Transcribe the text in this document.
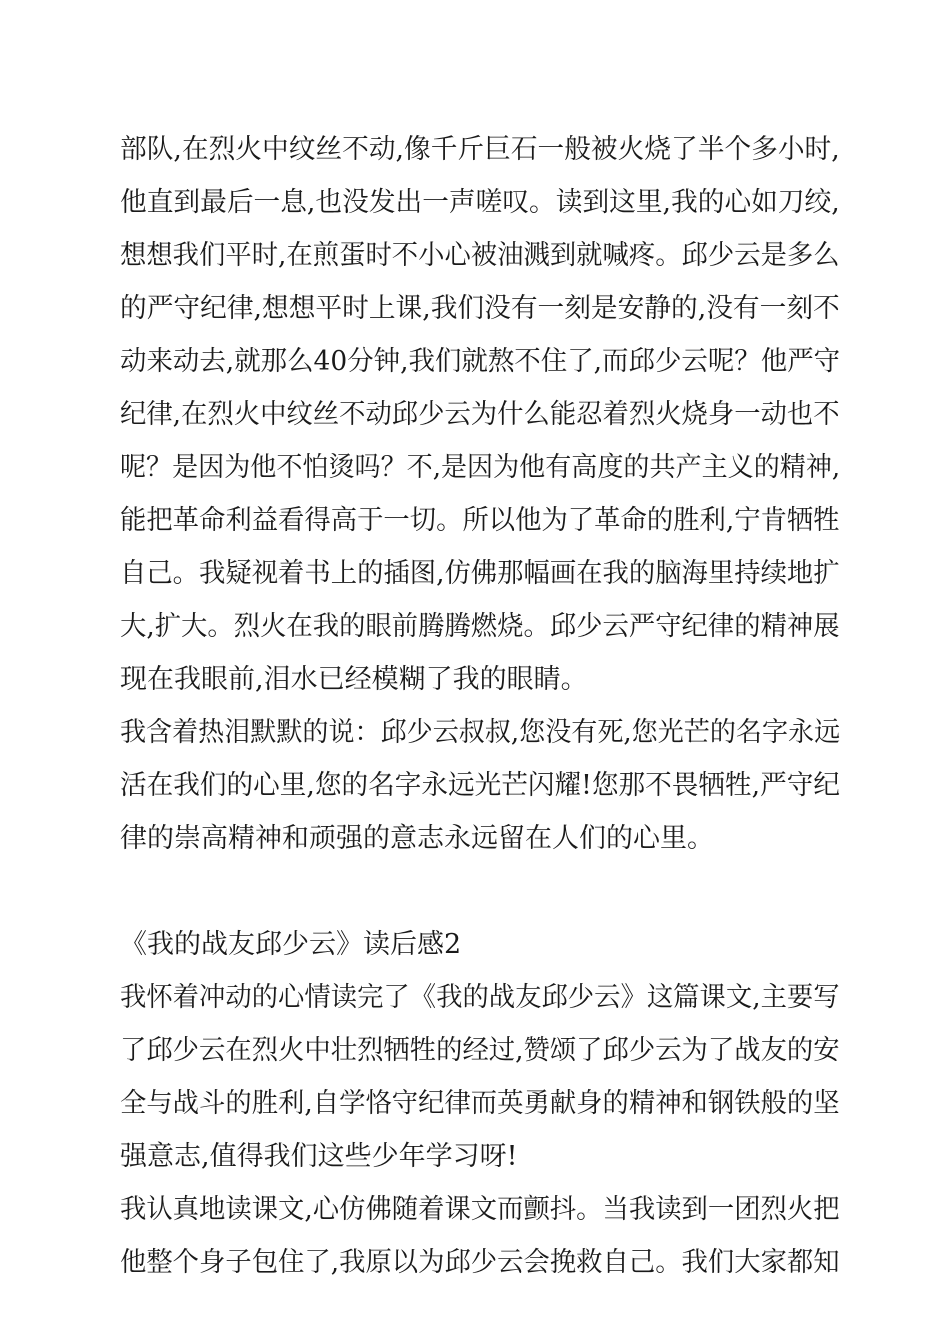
部队,在烈火中纹丝不动,像千斤巨石一般被火烧了半个多小时,
他直到最后一息,也没发出一声嗟叹。读到这里,我的心如刀绞,
想想我们平时,在煎蛋时不小心被油溅到就喊疼。邱少云是多么
的严守纪律,想想平时上课,我们没有一刻是安静的,没有一刻不
动来动去,就那么40分钟,我们就熬不住了,而邱少云呢？他严守
纪律,在烈火中纹丝不动邱少云为什么能忍着烈火烧身一动也不
呢？是因为他不怕烫吗？不,是因为他有高度的共产主义的精神,
能把革命利益看得高于一切。所以他为了革命的胜利,宁肯牺牲
自己。我疑视着书上的插图,仿佛那幅画在我的脑海里持续地扩
大,扩大。烈火在我的眼前腾腾燃烧。邱少云严守纪律的精神展
现在我眼前,泪水已经模糊了我的眼睛。
我含着热泪默默的说：邱少云叔叔,您没有死,您光芒的名字永远
活在我们的心里,您的名字永远光芒闪耀!您那不畏牺牲,严守纪
律的崇高精神和顽强的意志永远留在人们的心里。
《我的战友邱少云》读后感2
我怀着冲动的心情读完了《我的战友邱少云》这篇课文,主要写
了邱少云在烈火中壮烈牺牲的经过,赞颂了邱少云为了战友的安
全与战斗的胜利,自学恪守纪律而英勇献身的精神和钢铁般的坚
强意志,值得我们这些少年学习呀!
我认真地读课文,心仿佛随着课文而颤抖。当我读到一团烈火把
他整个身子包住了,我原以为邱少云会挽救自己。我们大家都知
